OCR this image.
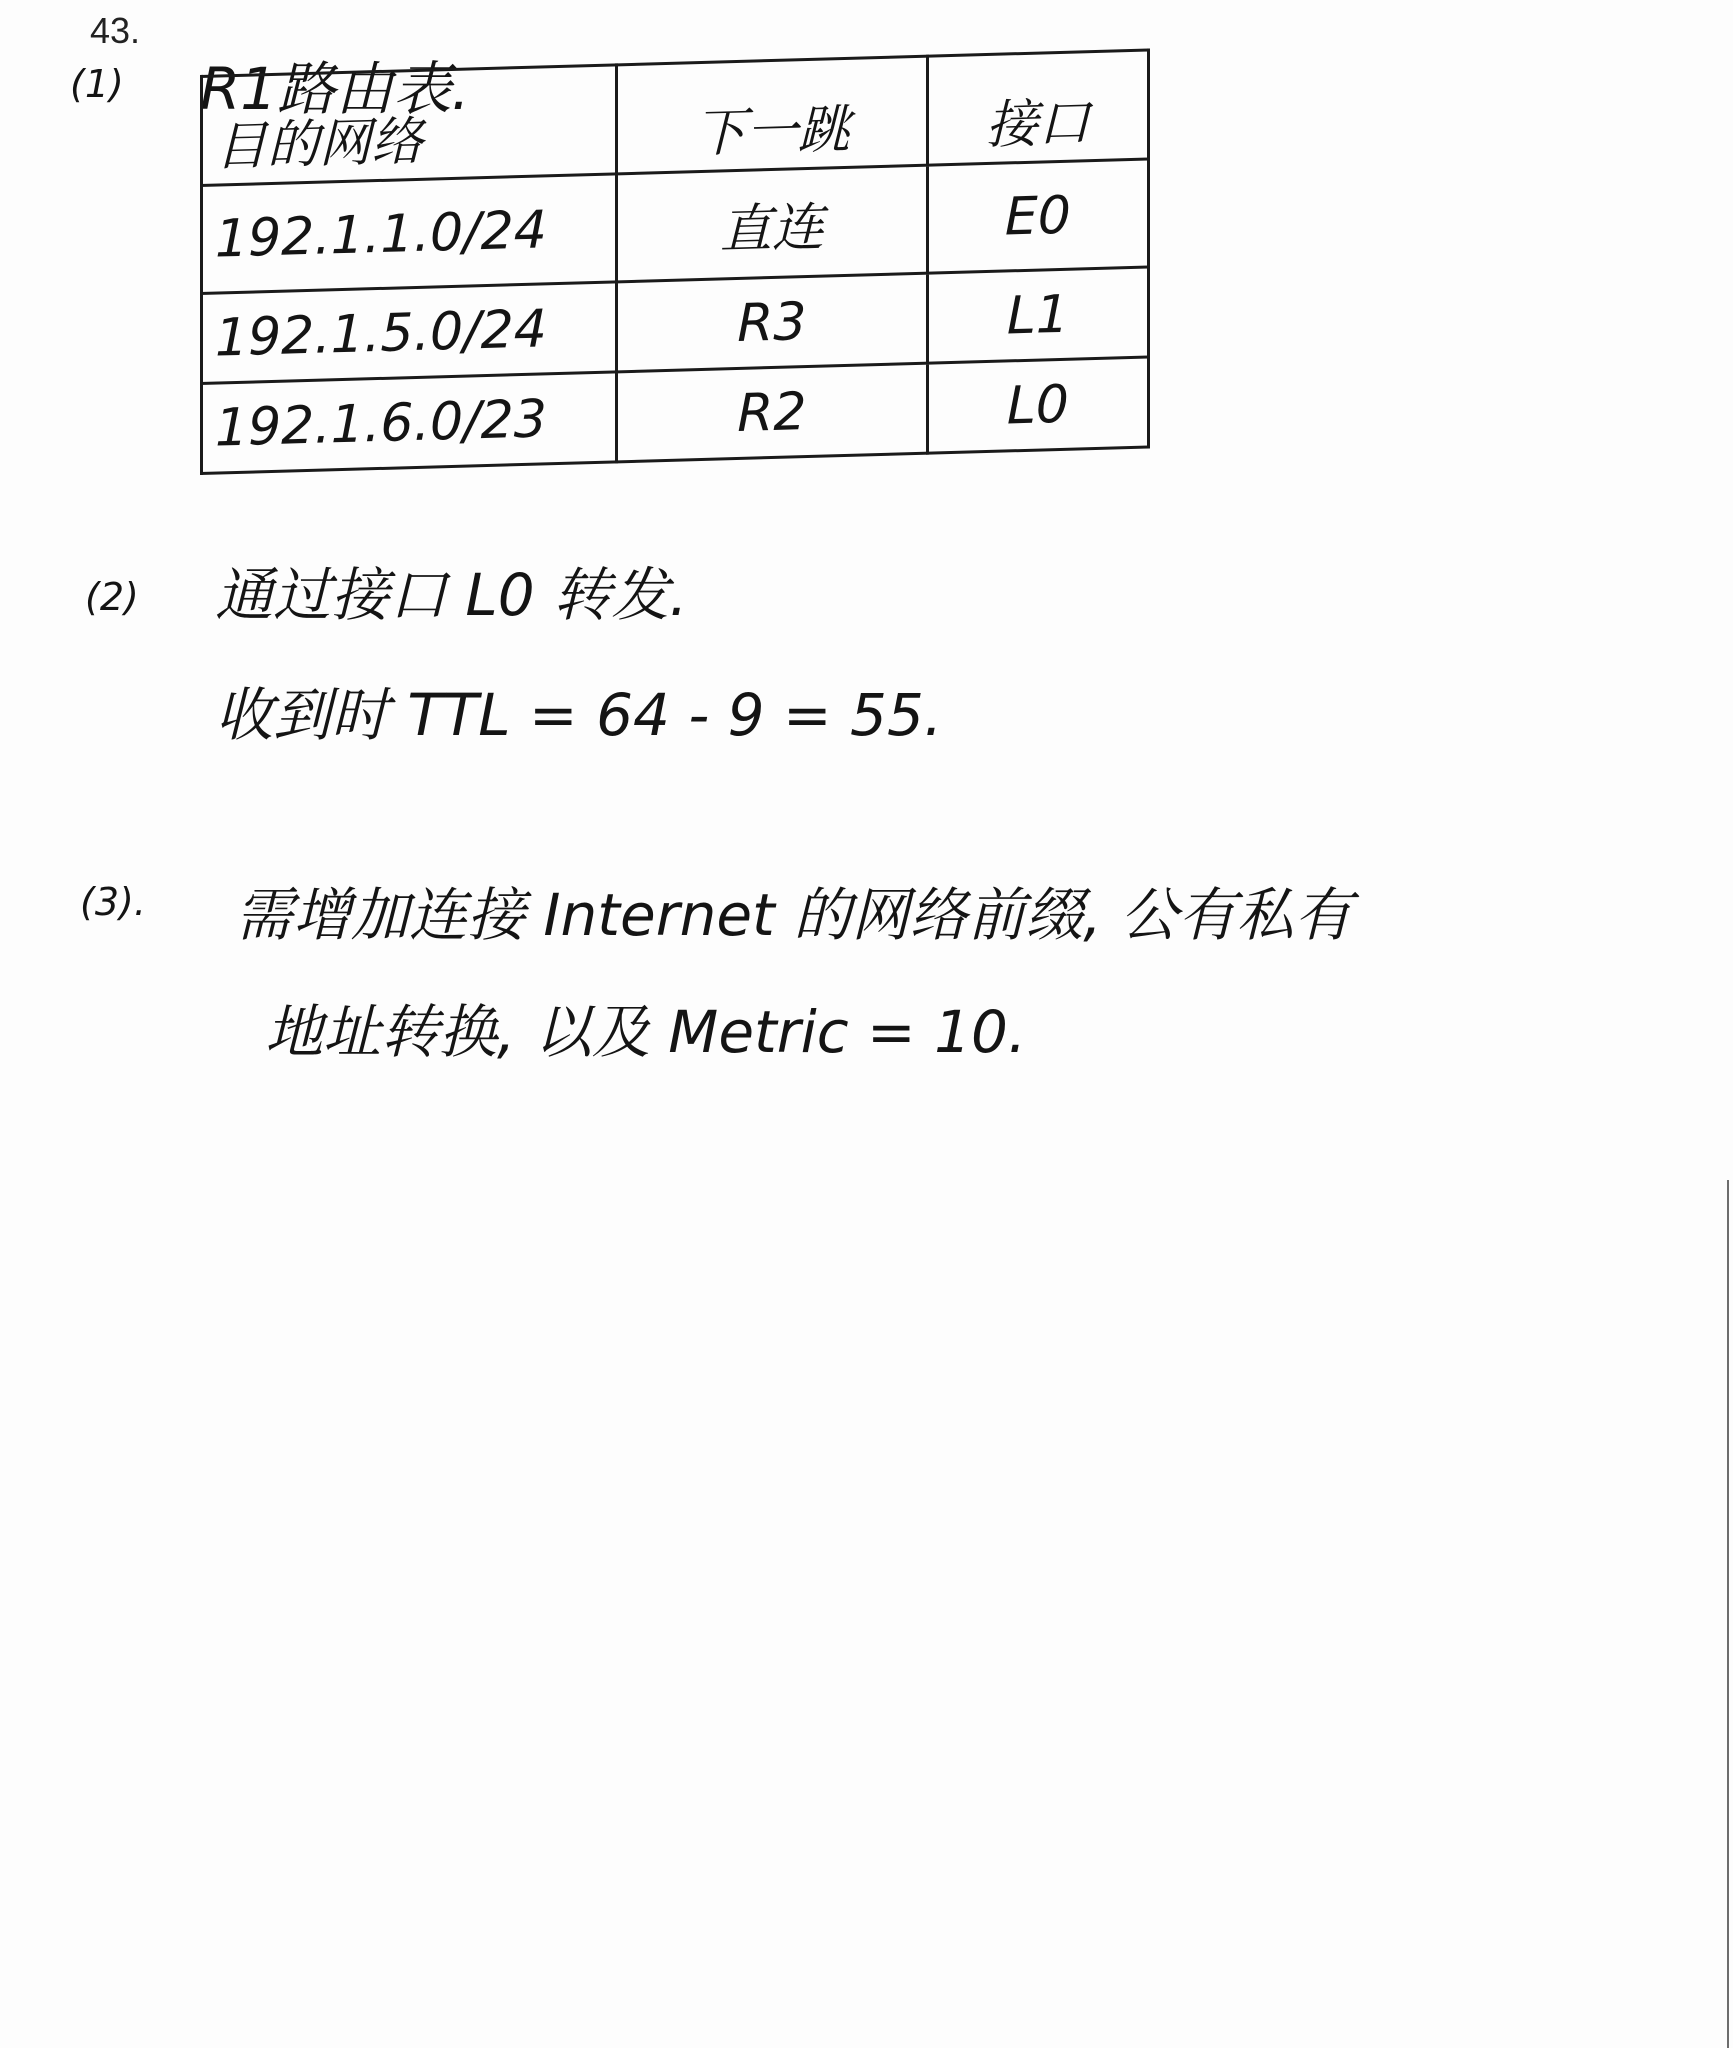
43.
(1) R1路由表.
目的网络	下一跳	接口
192.1.1.0/24	直连	E0
192.1.5.0/24	R3	L1
192.1.6.0/23	R2	L0
(2) 通过接口 L0 转发.
收到时 TTL = 64 - 9 = 55.
(3). 需增加连接 Internet 的网络前缀, 公有私有
地址转换, 以及 Metric = 10.
